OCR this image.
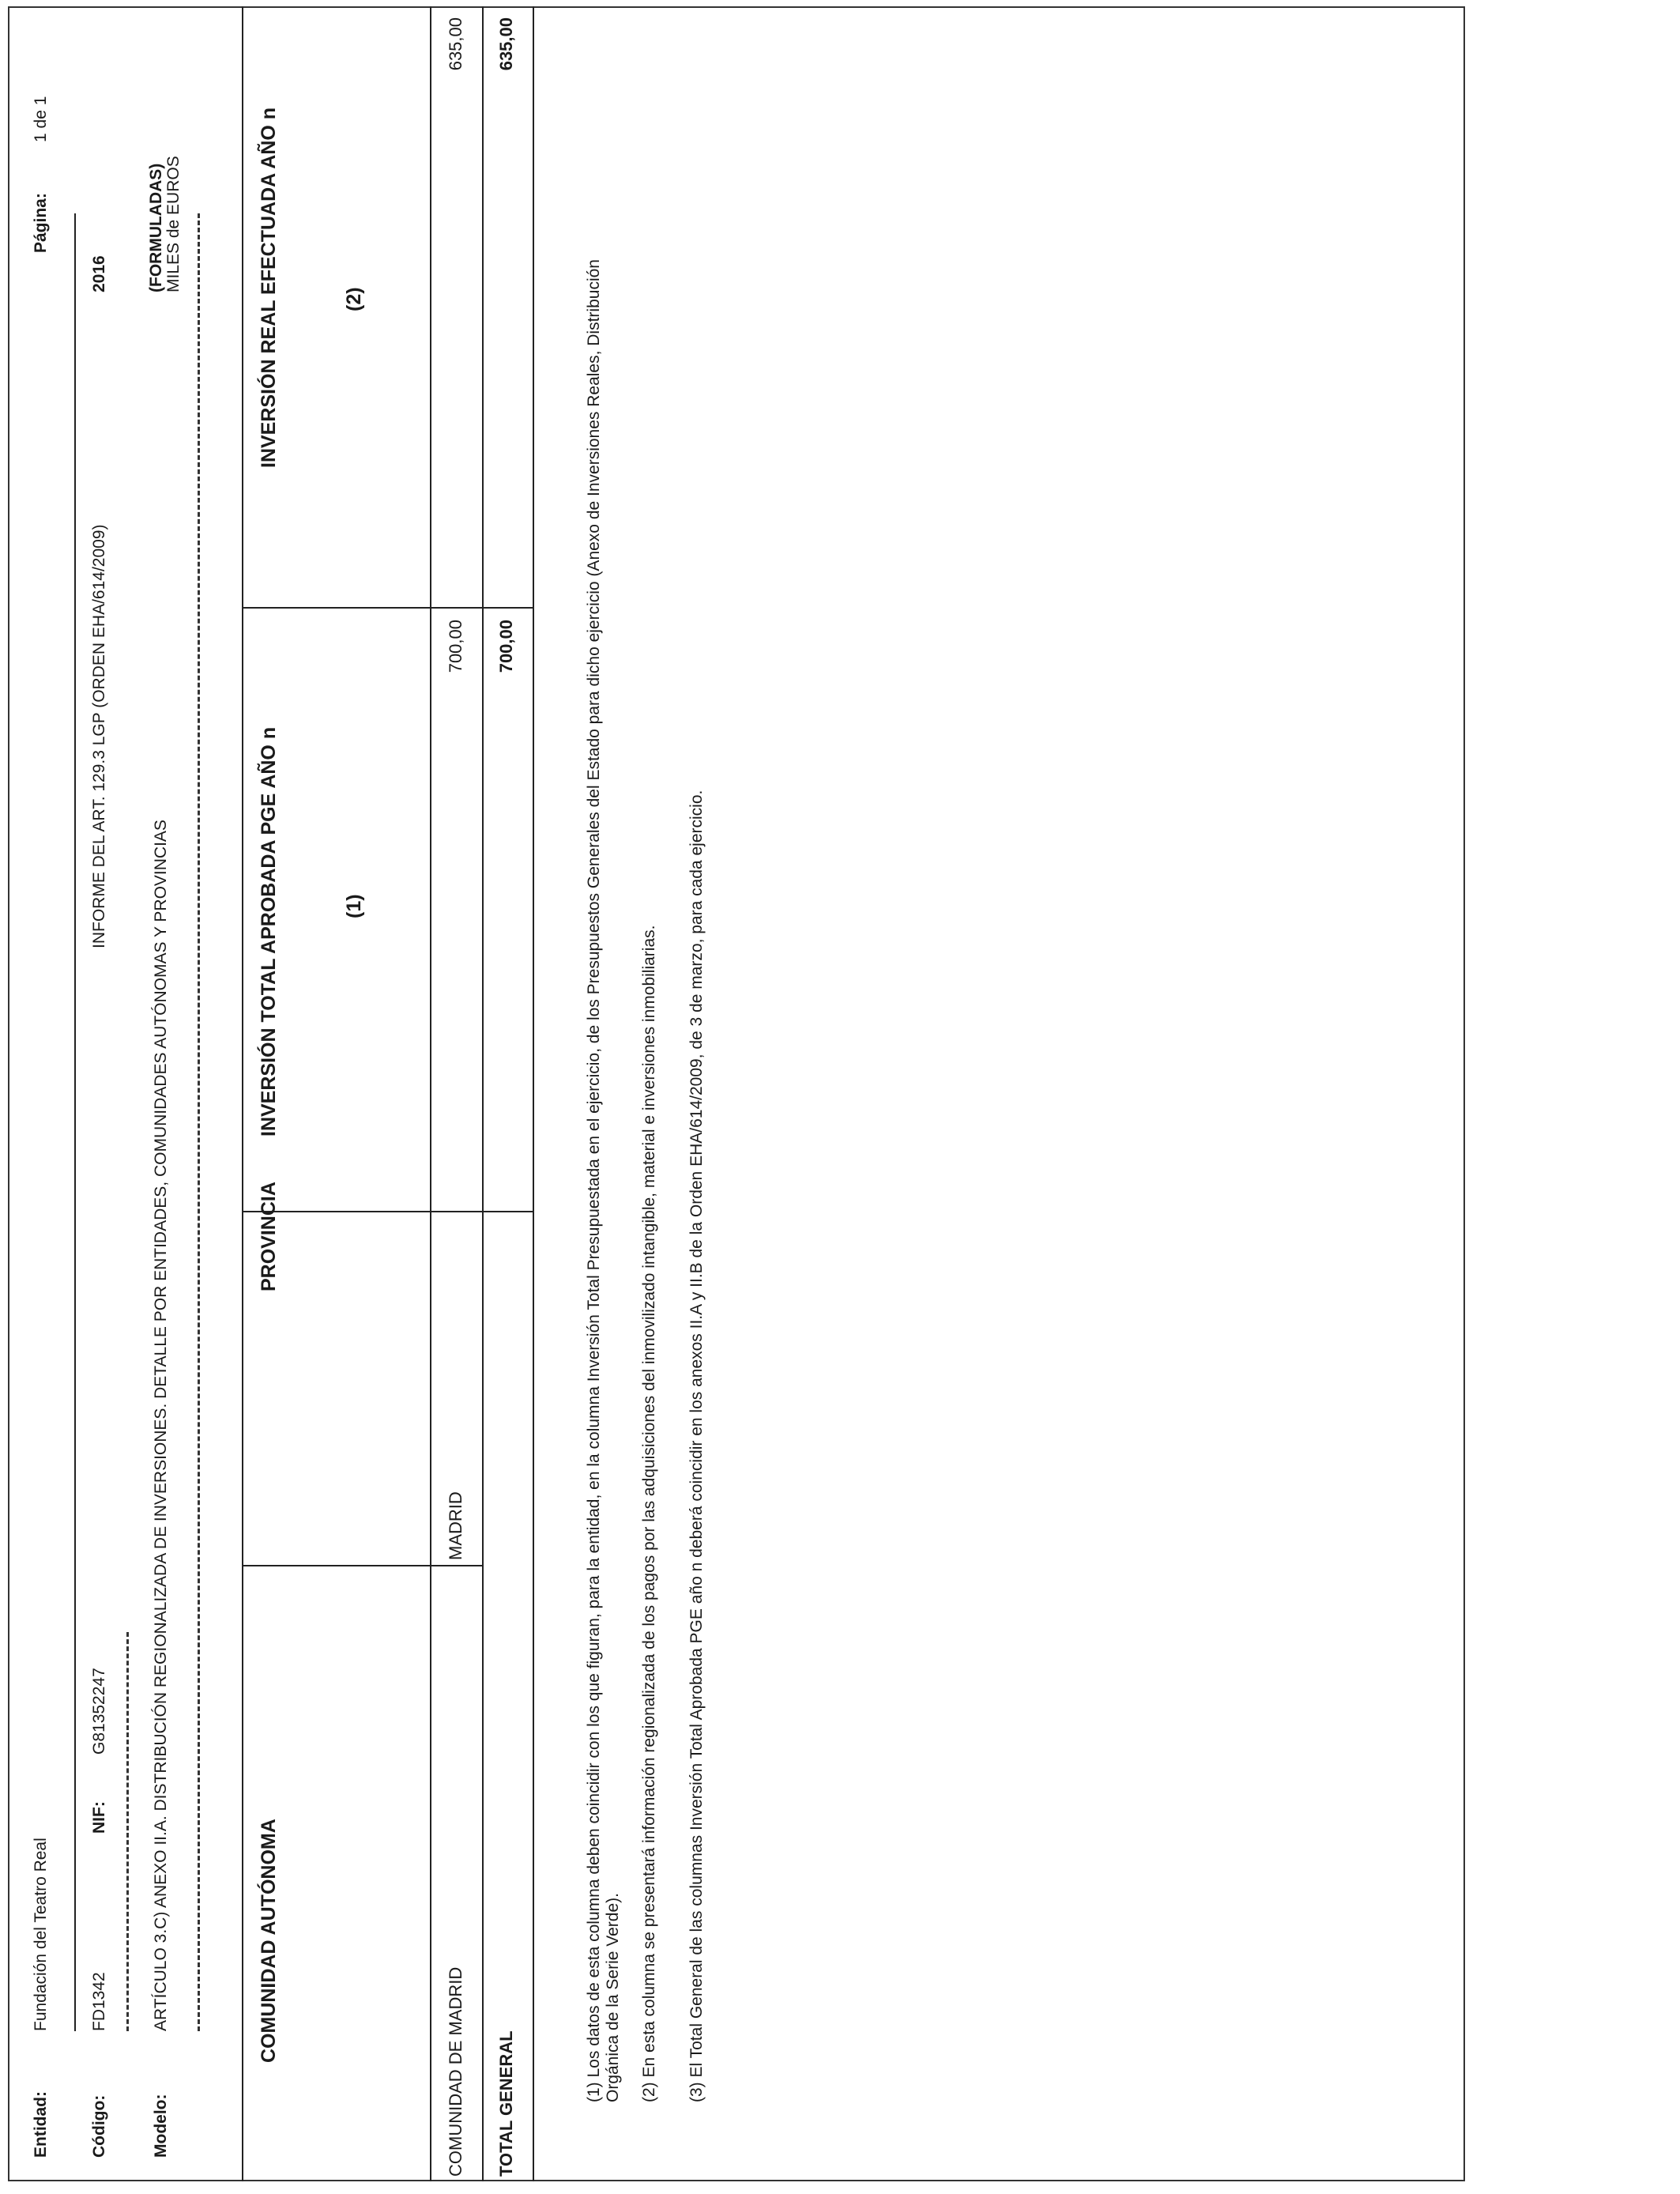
Entidad:
Fundación del Teatro Real
Código:
FD1342
NIF:
G81352247
INFORME DEL ART. 129.3 LGP (ORDEN EHA/614/2009)
Modelo:
ARTÍCULO 3.C) ANEXO II.A. DISTRIBUCIÓN REGIONALIZADA DE INVERSIONES. DETALLE POR ENTIDADES, COMUNIDADES AUTÓNOMAS Y PROVINCIAS
Página:
1 de 1
2016 (FORMULADAS) MILES de EUROS
COMUNIDAD AUTÓNOMA
PROVINCIA
INVERSIÓN TOTAL APROBADA PGE AÑO n	(1)
INVERSIÓN REAL EFECTUADA AÑO n	(2)
COMUNIDAD DE MADRID
MADRID
700,00
635,00
TOTAL GENERAL
700,00
635,00
(1) Los datos de esta columna deben coincidir con los que figuran, para la entidad, en la columna Inversión Total Presupuestada en el ejercicio, de los Presupuestos Generales del Estado para dicho ejercicio (Anexo de Inversiones Reales, Distribución Orgánica de la Serie Verde). (2) En esta columna se presentará información regionalizada de los pagos por las adquisiciones del inmovilizado intangible, material e inversiones inmobiliarias. (3) El Total General de las columnas Inversión Total Aprobada PGE año n deberá coincidir en los anexos II.A y II.B de la Orden EHA/614/2009, de 3 de marzo, para cada ejercicio.
